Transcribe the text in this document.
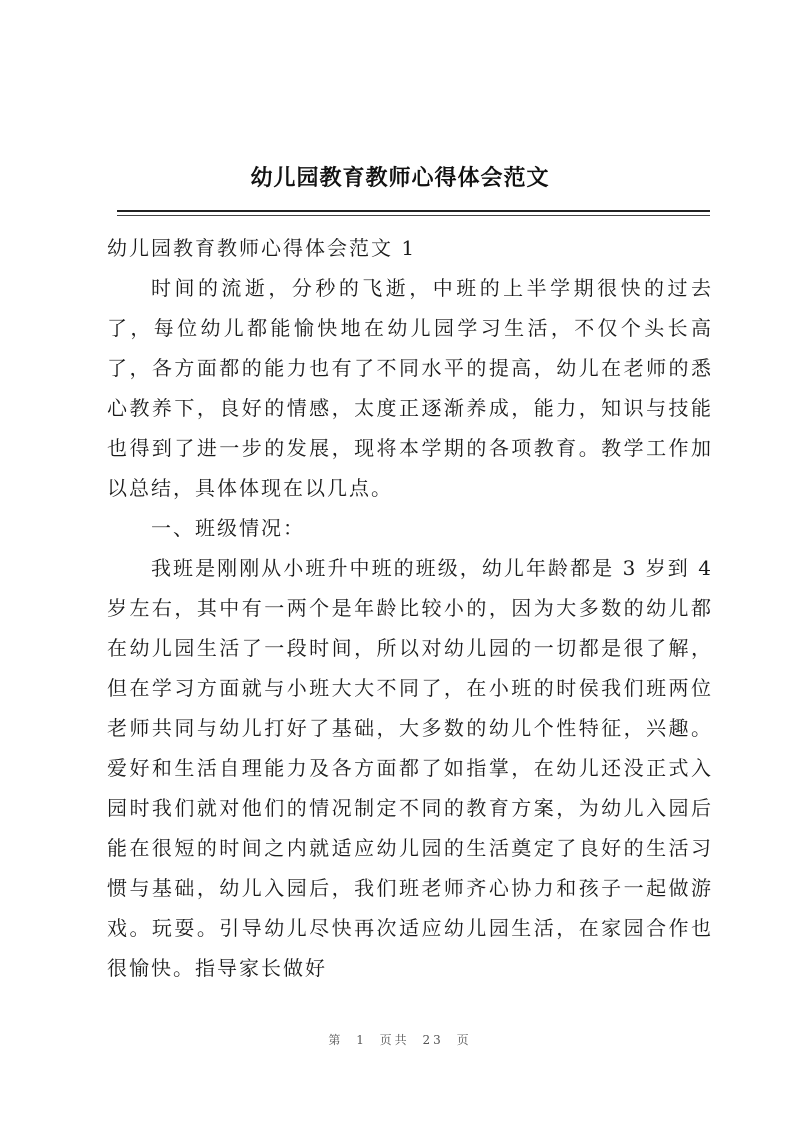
幼儿园教育教师心得体会范文

幼儿园教育教师心得体会范文 1

时间的流逝，分秒的飞逝，中班的上半学期很快的过去了，每位幼儿都能愉快地在幼儿园学习生活，不仅个头长高了，各方面都的能力也有了不同水平的提高，幼儿在老师的悉心教养下，良好的情感，太度正逐渐养成，能力，知识与技能也得到了进一步的发展，现将本学期的各项教育。教学工作加以总结，具体体现在以几点。

一、班级情况：

我班是刚刚从小班升中班的班级，幼儿年龄都是 3 岁到 4 岁左右，其中有一两个是年龄比较小的，因为大多数的幼儿都在幼儿园生活了一段时间，所以对幼儿园的一切都是很了解，但在学习方面就与小班大大不同了，在小班的时侯我们班两位老师共同与幼儿打好了基础，大多数的幼儿个性特征，兴趣。爱好和生活自理能力及各方面都了如指掌，在幼儿还没正式入园时我们就对他们的情况制定不同的教育方案，为幼儿入园后能在很短的时间之内就适应幼儿园的生活奠定了良好的生活习惯与基础，幼儿入园后，我们班老师齐心协力和孩子一起做游戏。玩耍。引导幼儿尽快再次适应幼儿园生活，在家园合作也很愉快。指导家长做好

第 1 页共 23 页
